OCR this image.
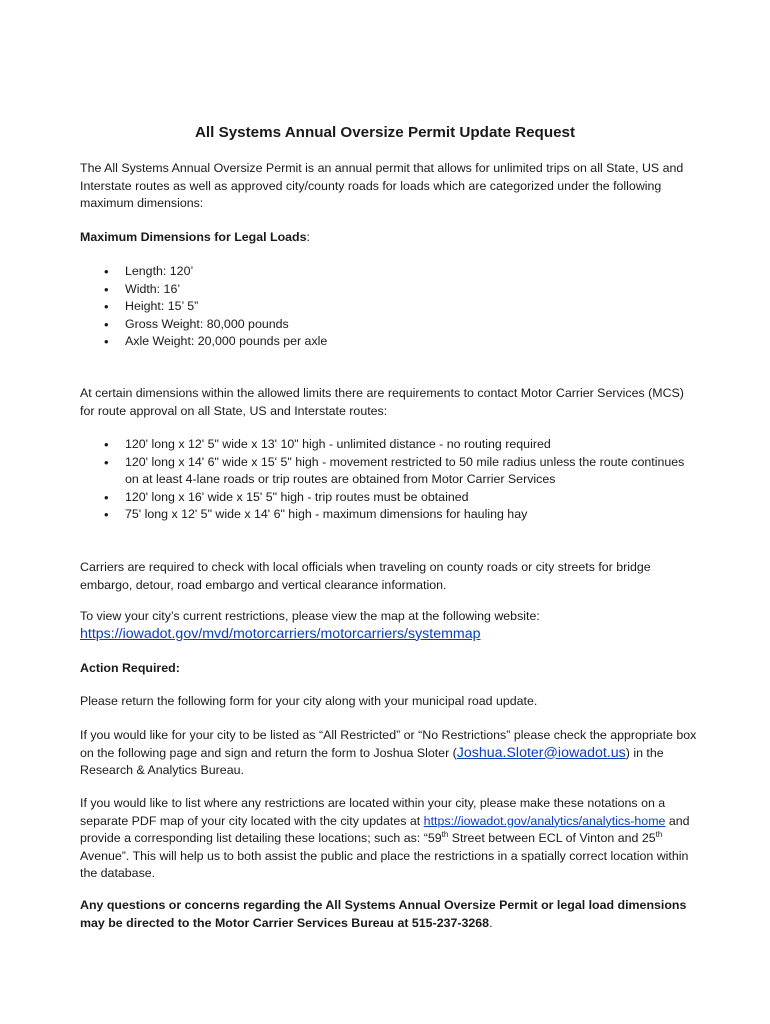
All Systems Annual Oversize Permit Update Request

The All Systems Annual Oversize Permit is an annual permit that allows for unlimited trips on all State, US and Interstate routes as well as approved city/county roads for loads which are categorized under the following maximum dimensions:

Maximum Dimensions for Legal Loads:

• Length: 120’
• Width: 16’
• Height: 15’ 5”
• Gross Weight: 80,000 pounds
• Axle Weight: 20,000 pounds per axle

At certain dimensions within the allowed limits there are requirements to contact Motor Carrier Services (MCS) for route approval on all State, US and Interstate routes:

• 120' long x 12' 5" wide x 13' 10" high - unlimited distance - no routing required
• 120' long x 14' 6" wide x 15' 5" high - movement restricted to 50 mile radius unless the route continues on at least 4-lane roads or trip routes are obtained from Motor Carrier Services
• 120' long x 16' wide x 15' 5" high - trip routes must be obtained
• 75' long x 12' 5" wide x 14' 6" high - maximum dimensions for hauling hay

Carriers are required to check with local officials when traveling on county roads or city streets for bridge embargo, detour, road embargo and vertical clearance information.

To view your city’s current restrictions, please view the map at the following website:
https://iowadot.gov/mvd/motorcarriers/motorcarriers/systemmap

Action Required:

Please return the following form for your city along with your municipal road update.

If you would like for your city to be listed as “All Restricted” or “No Restrictions” please check the appropriate box on the following page and sign and return the form to Joshua Sloter (Joshua.Sloter@iowadot.us) in the Research & Analytics Bureau.

If you would like to list where any restrictions are located within your city, please make these notations on a separate PDF map of your city located with the city updates at https://iowadot.gov/analytics/analytics-home and provide a corresponding list detailing these locations; such as: “59th Street between ECL of Vinton and 25th Avenue”. This will help us to both assist the public and place the restrictions in a spatially correct location within the database.

Any questions or concerns regarding the All Systems Annual Oversize Permit or legal load dimensions may be directed to the Motor Carrier Services Bureau at 515-237-3268.
